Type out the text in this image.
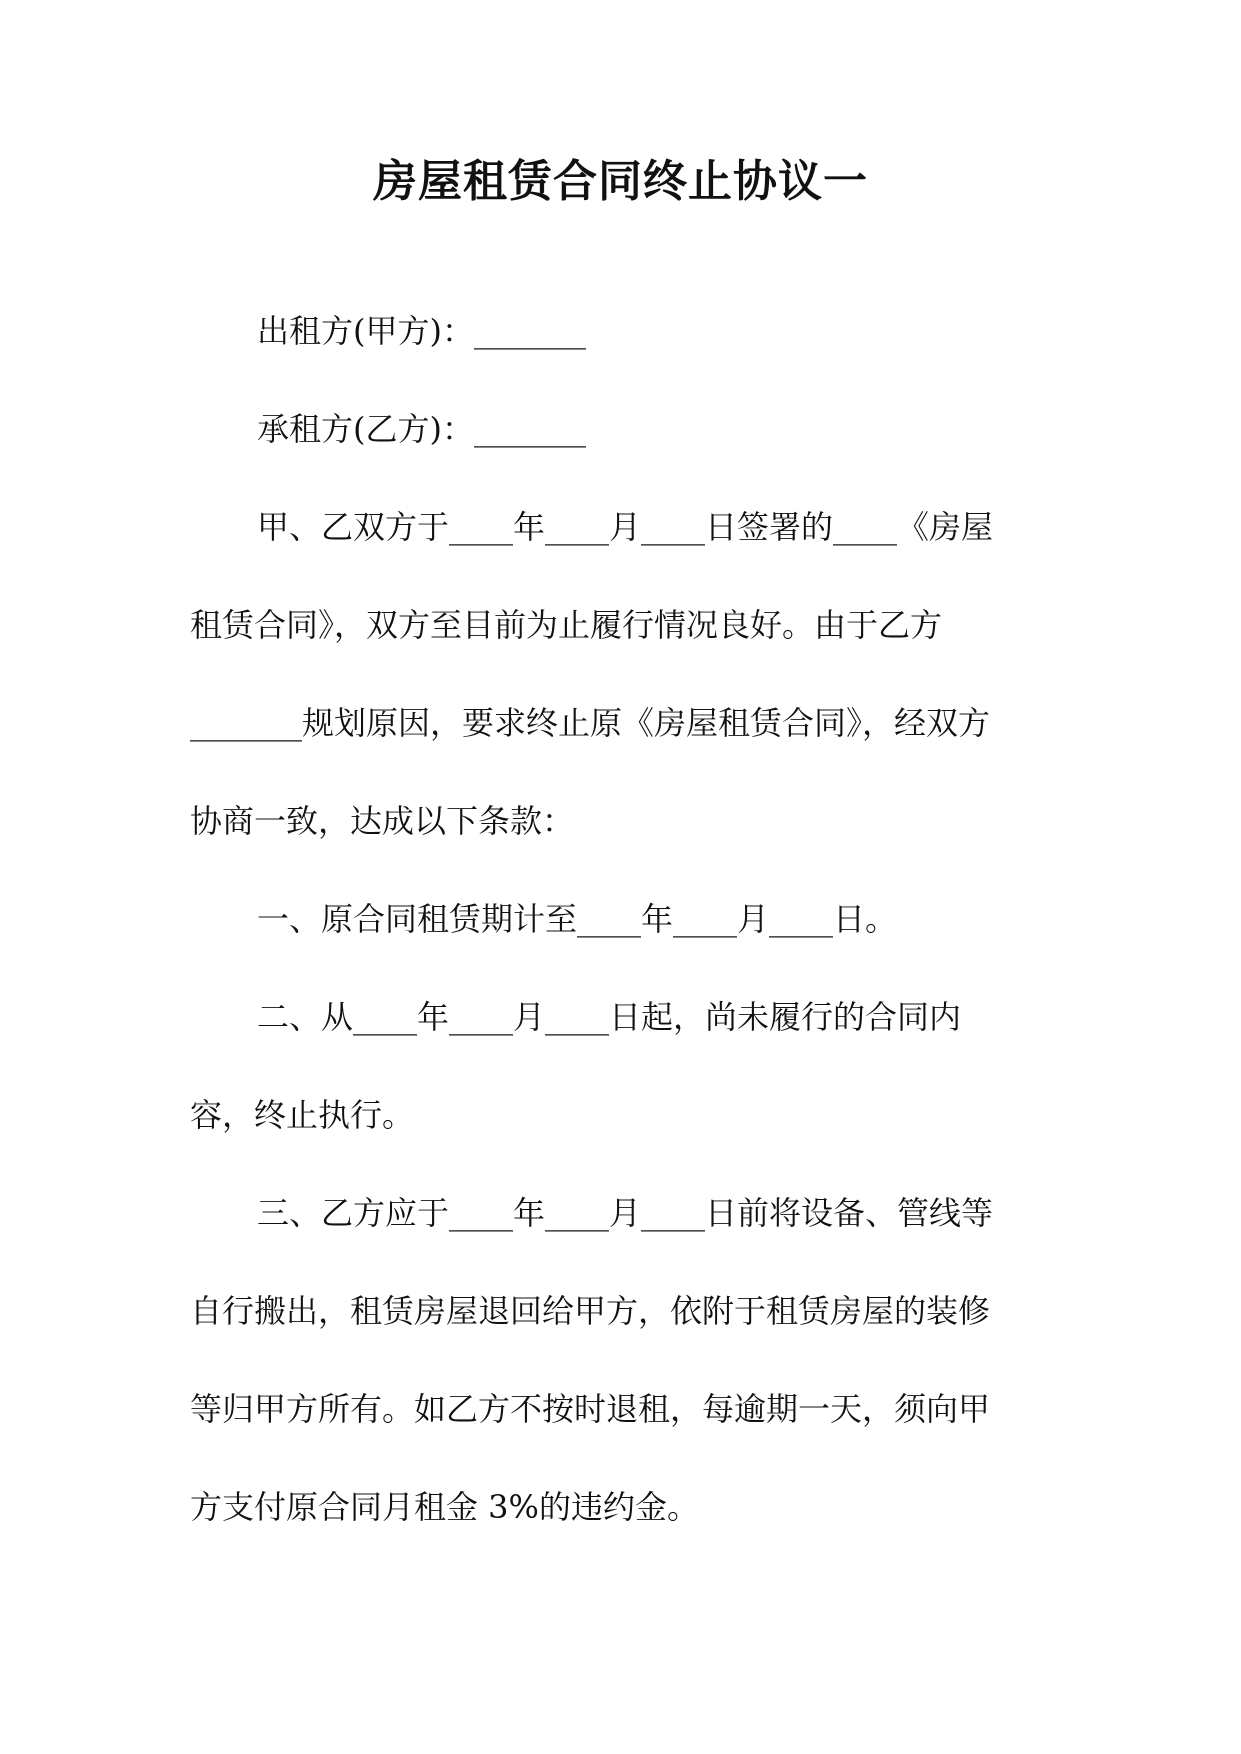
房屋租赁合同终止协议一
出租方(甲方)：_______
承租方(乙方)：_______
甲、乙双方于____年____月____日签署的____《房屋
租赁合同》，双方至目前为止履行情况良好。由于乙方
_______规划原因，要求终止原《房屋租赁合同》，经双方
协商一致，达成以下条款：
一、原合同租赁期计至____年____月____日。
二、从____年____月____日起，尚未履行的合同内
容，终止执行。
三、乙方应于____年____月____日前将设备、管线等
自行搬出，租赁房屋退回给甲方，依附于租赁房屋的装修
等归甲方所有。如乙方不按时退租，每逾期一天，须向甲
方支付原合同月租金 3%的违约金。
